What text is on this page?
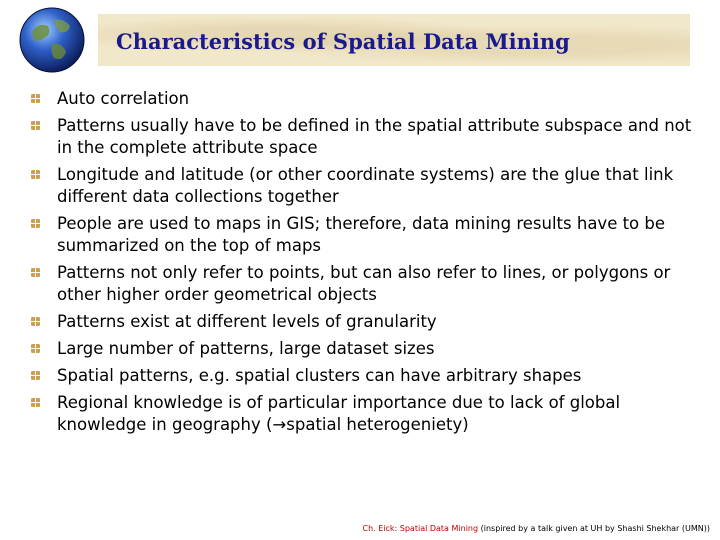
Characteristics of Spatial Data Mining
Auto correlation
Patterns usually have to be defined in the spatial attribute subspace and not in the complete attribute space
Longitude and latitude (or other coordinate systems) are the glue that link different data collections together
People are used to maps in GIS; therefore, data mining results have to be summarized on the top of maps
Patterns not only refer to points, but can also refer to lines, or polygons or other higher order geometrical objects
Patterns exist at different levels of granularity
Large number of patterns, large dataset sizes
Spatial patterns, e.g. spatial clusters can have arbitrary shapes
Regional knowledge is of particular importance due to lack of global knowledge in geography (→spatial heterogeniety)

Ch. Eick: Spatial Data Mining (inspired by a talk given at UH by Shashi Shekhar (UMN))
